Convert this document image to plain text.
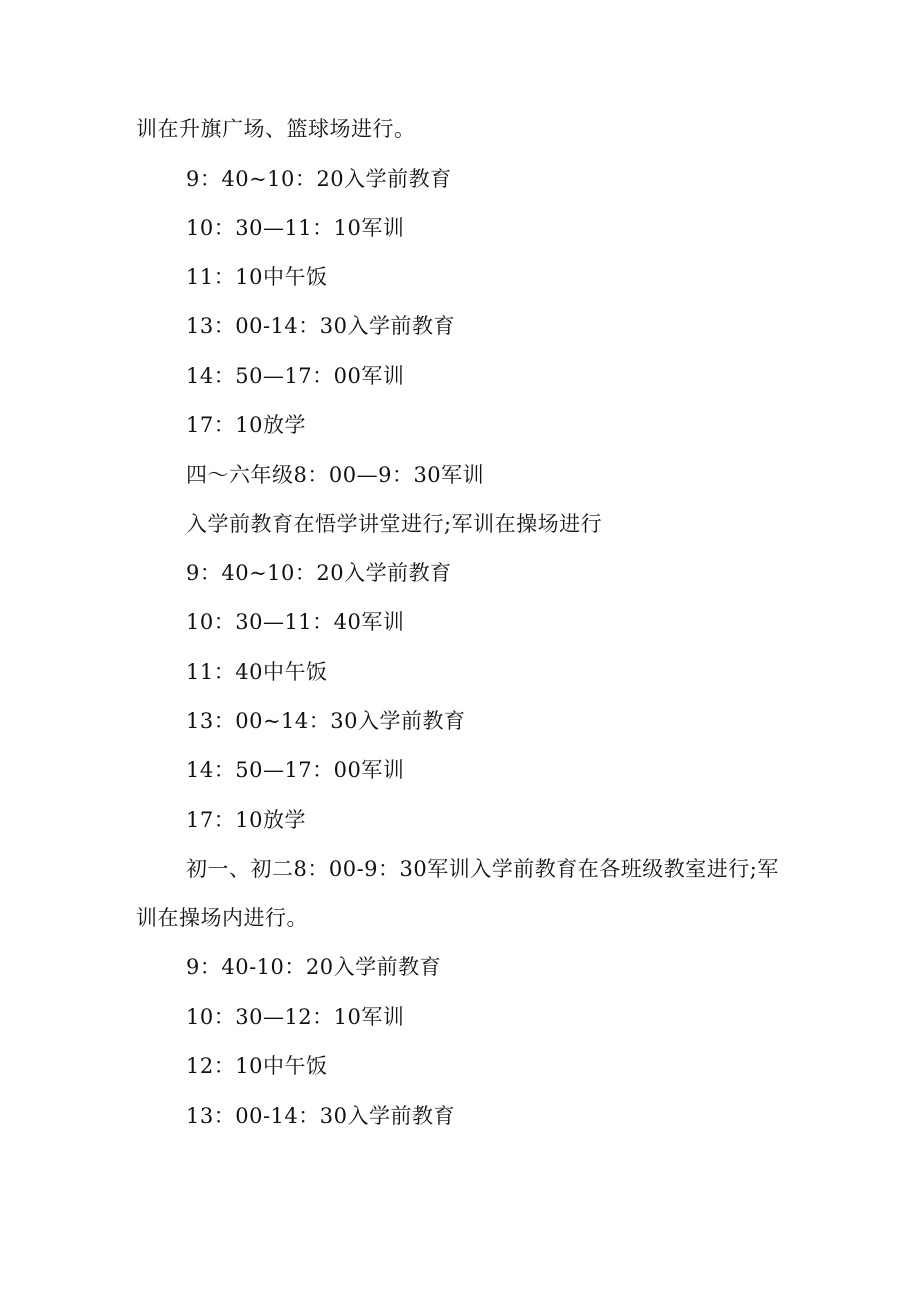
训在升旗广场、篮球场进行。
9：40~10：20入学前教育
10：30—11：10军训
11：10中午饭
13：00-14：30入学前教育
14：50—17：00军训
17：10放学
四～六年级8：00—9：30军训
入学前教育在悟学讲堂进行;军训在操场进行
9：40~10：20入学前教育
10：30—11：40军训
11：40中午饭
13：00~14：30入学前教育
14：50—17：00军训
17：10放学
初一、初二8：00-9：30军训入学前教育在各班级教室进行;军
训在操场内进行。
9：40-10：20入学前教育
10：30—12：10军训
12：10中午饭
13：00-14：30入学前教育
